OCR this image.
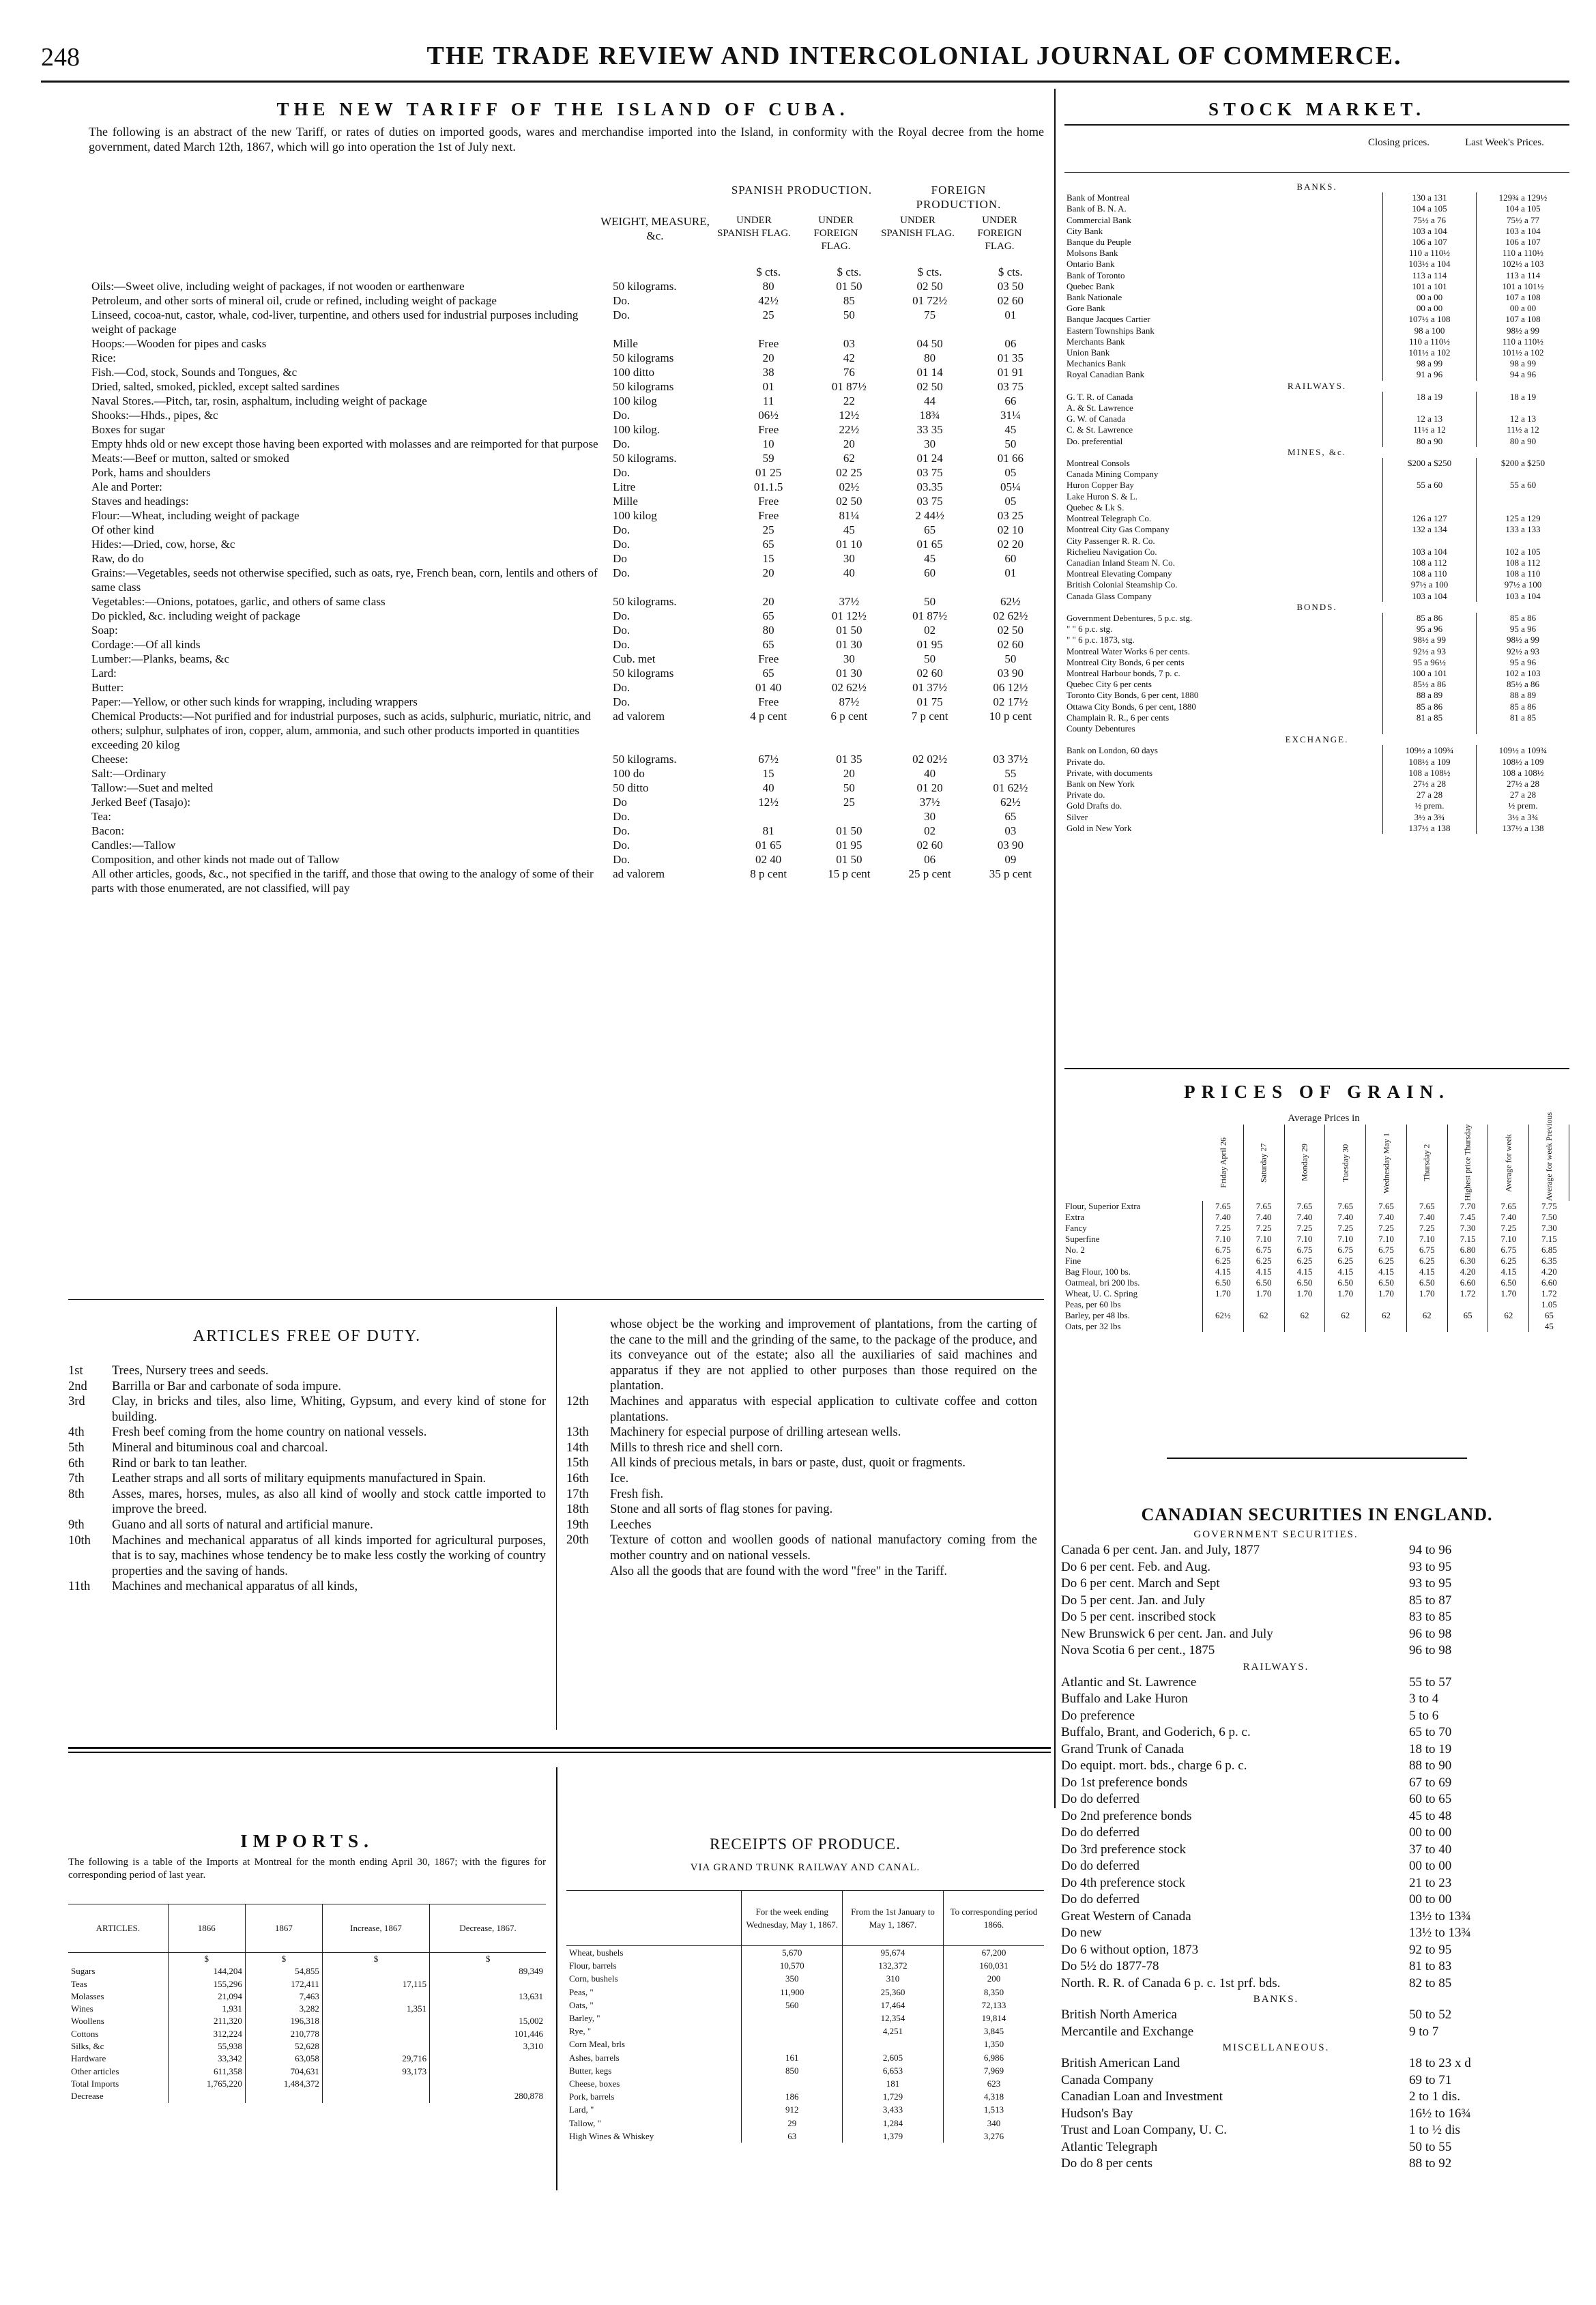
248	THE TRADE REVIEW AND INTERCOLONIAL JOURNAL OF COMMERCE.
THE NEW TARIFF OF THE ISLAND OF CUBA.
The following is an abstract of the new Tariff, or rates of duties on imported goods, wares and merchandise imported into the Island, in conformity with the Royal decree from the home government, dated March 12th, 1867, which will go into operation the 1st of July next.
SPANISH PRODUCTION.	FOREIGN PRODUCTION.
WEIGHT, MEASURE, &c.
UNDER SPANISH FLAG.
UNDER FOREIGN FLAG.
UNDER SPANISH FLAG.
UNDER FOREIGN FLAG.
		$ cts.	$ cts.	$ cts.	$ cts.
Oils:—Sweet olive, including weight of packages, if not wooden or earthenware	50 kilograms.	80	01 50	02 50	03 50
Petroleum, and other sorts of mineral oil, crude or refined, including weight of package	Do.	42½	85	01 72½	02 60
Linseed, cocoa-nut, castor, whale, cod-liver, turpentine, and others used for industrial purposes including weight of package	Do.	25	50	75	01
Hoops:—Wooden for pipes and casks	Mille	Free	03	04 50	06
Rice:	50 kilograms	20	42	80	01 35
Fish.—Cod, stock, Sounds and Tongues, &c	100 ditto	38	76	01 14	01 91
Dried, salted, smoked, pickled, except salted sardines	50 kilograms	01	01 87½	02 50	03 75
Naval Stores.—Pitch, tar, rosin, asphaltum, including weight of package	100 kilog	11	22	44	66
Shooks:—Hhds., pipes, &c	Do.	06½	12½	18¾	31¼
Boxes for sugar	100 kilog.	Free	22½	33 35	45
Empty hhds old or new except those having been exported with molasses and are reimported for that purpose	Do.	10	20	30	50
Meats:—Beef or mutton, salted or smoked	50 kilograms.	59	62	01 24	01 66
Pork, hams and shoulders	Do.	01 25	02 25	03 75	05
Ale and Porter:	Litre	01.1.5	02½	03.35	05¼
Staves and headings:	Mille	Free	02 50	03 75	05
Flour:—Wheat, including weight of package	100 kilog	Free	81¼	2 44½	03 25
Of other kind	Do.	25	45	65	02 10
Hides:—Dried, cow, horse, &c	Do.	65	01 10	01 65	02 20
Raw, do do	Do	15	30	45	60
Grains:—Vegetables, seeds not otherwise specified, such as oats, rye, French bean, corn, lentils and others of same class	Do.	20	40	60	01
Vegetables:—Onions, potatoes, garlic, and others of same class	50 kilograms.	20	37½	50	62½
Do pickled, &c. including weight of package	Do.	65	01 12½	01 87½	02 62½
Soap:	Do.	80	01 50	02	02 50
Cordage:—Of all kinds	Do.	65	01 30	01 95	02 60
Lumber:—Planks, beams, &c	Cub. met	Free	30	50	50
Lard:	50 kilograms	65	01 30	02 60	03 90
Butter:	Do.	01 40	02 62½	01 37½	06 12½
Paper:—Yellow, or other such kinds for wrapping, including wrappers	Do.	Free	87½	01 75	02 17½
Chemical Products:—Not purified and for industrial purposes, such as acids, sulphuric, muriatic, nitric, and others; sulphur, sulphates of iron, copper, alum, ammonia, and such other products imported in quantities exceeding 20 kilog	ad valorem	4 p cent	6 p cent	7 p cent	10 p cent
Cheese:	50 kilograms.	67½	01 35	02 02½	03 37½
Salt:—Ordinary	100 do	15	20	40	55
Tallow:—Suet and melted	50 ditto	40	50	01 20	01 62½
Jerked Beef (Tasajo):	Do	12½	25	37½	62½
Tea:	Do.			30	65
Bacon:	Do.	81	01 50	02	03
Candles:—Tallow	Do.	01 65	01 95	02 60	03 90
Composition, and other kinds not made out of Tallow	Do.	02 40	01 50	06	09
All other articles, goods, &c., not specified in the tariff, and those that owing to the analogy of some of their parts with those enumerated, are not classified, will pay	ad valorem	8 p cent	15 p cent	25 p cent	35 p cent
ARTICLES FREE OF DUTY.
1st	Trees, Nursery trees and seeds.
2nd	Barrilla or Bar and carbonate of soda impure.
3rd	Clay, in bricks and tiles, also lime, Whiting, Gypsum, and every kind of stone for building.
4th	Fresh beef coming from the home country on national vessels.
5th	Mineral and bituminous coal and charcoal.
6th	Rind or bark to tan leather.
7th	Leather straps and all sorts of military equipments manufactured in Spain.
8th	Asses, mares, horses, mules, as also all kind of woolly and stock cattle imported to improve the breed.
9th	Guano and all sorts of natural and artificial manure.
10th	Machines and mechanical apparatus of all kinds imported for agricultural purposes, that is to say, machines whose tendency be to make less costly the working of country properties and the saving of hands.
11th	Machines and mechanical apparatus of all kinds,
whose object be the working and improvement of plantations, from the carting of the cane to the mill and the grinding of the same, to the package of the produce, and its conveyance out of the estate; also all the auxiliaries of said machines and apparatus if they are not applied to other purposes than those required on the plantation.
12th	Machines and apparatus with especial application to cultivate coffee and cotton plantations.
13th	Machinery for especial purpose of drilling artesean wells.
14th	Mills to thresh rice and shell corn.
15th	All kinds of precious metals, in bars or paste, dust, quoit or fragments.
16th	Ice.
17th	Fresh fish.
18th	Stone and all sorts of flag stones for paving.
19th	Leeches
20th	Texture of cotton and woollen goods of national manufactory coming from the mother country and on national vessels.
Also all the goods that are found with the word "free" in the Tariff.
STOCK MARKET.
Closing prices.	Last Week's Prices.
BANKS.		
Bank of Montreal	130 a 131	129¾ a 129½
Bank of B. N. A.	104 a 105	104 a 105
Commercial Bank	75½ a 76	75½ a 77
City Bank	103 a 104	103 a 104
Banque du Peuple	106 a 107	106 a 107
Molsons Bank	110 a 110½	110 a 110½
Ontario Bank	103½ a 104	102½ a 103
Bank of Toronto	113 a 114	113 a 114
Quebec Bank	101 a 101	101 a 101½
Bank Nationale	00 a 00	107 a 108
Gore Bank	00 a 00	00 a 00
Banque Jacques Cartier	107½ a 108	107 a 108
Eastern Townships Bank	98 a 100	98½ a 99
Merchants Bank	110 a 110½	110 a 110½
Union Bank	101½ a 102	101½ a 102
Mechanics Bank	98 a 99	98 a 99
Royal Canadian Bank	91 a 96	94 a 96
RAILWAYS.		
G. T. R. of Canada	18 a 19	18 a 19
A. & St. Lawrence		
G. W. of Canada	12 a 13	12 a 13
C. & St. Lawrence	11½ a 12	11½ a 12
Do. preferential	80 a 90	80 a 90
MINES, &c.		
Montreal Consols	$200 a $250	$200 a $250
Canada Mining Company		
Huron Copper Bay	55 a 60	55 a 60
Lake Huron S. & L.		
Quebec & Lk S.		
Montreal Telegraph Co.	126 a 127	125 a 129
Montreal City Gas Company	132 a 134	133 a 133
City Passenger R. R. Co.		
Richelieu Navigation Co.	103 a 104	102 a 105
Canadian Inland Steam N. Co.	108 a 112	108 a 112
Montreal Elevating Company	108 a 110	108 a 110
British Colonial Steamship Co.	97½ a 100	97½ a 100
Canada Glass Company	103 a 104	103 a 104
BONDS.		
Government Debentures, 5 p.c. stg.	85 a 86	85 a 86
" " 6 p.c. stg.	95 a 96	95 a 96
" " 6 p.c. 1873, stg.	98½ a 99	98½ a 99
Montreal Water Works 6 per cents.	92½ a 93	92½ a 93
Montreal City Bonds, 6 per cents	95 a 96½	95 a 96
Montreal Harbour bonds, 7 p. c.	100 a 101	102 a 103
Quebec City 6 per cents	85½ a 86	85½ a 86
Toronto City Bonds, 6 per cent, 1880	88 a 89	88 a 89
Ottawa City Bonds, 6 per cent, 1880	85 a 86	85 a 86
Champlain R. R., 6 per cents	81 a 85	81 a 85
County Debentures		
EXCHANGE.		
Bank on London, 60 days	109½ a 109¾	109½ a 109¾
Private do.	108½ a 109	108½ a 109
Private, with documents	108 a 108½	108 a 108½
Bank on New York	27½ a 28	27½ a 28
Private do.	27 a 28	27 a 28
Gold Drafts do.	½ prem.	½ prem.
Silver	3½ a 3¾	3½ a 3¾
Gold in New York	137½ a 138	137½ a 138
PRICES OF GRAIN.
Average Prices in
	Friday April 26	Saturday 27	Monday 29	Tuesday 30	Wednesday May 1	Thursday 2	Highest price Thursday	Average for week	Average for week Previous
Flour, Superior Extra	7.65	7.65	7.65	7.65	7.65	7.65	7.70	7.65	7.75
Extra	7.40	7.40	7.40	7.40	7.40	7.40	7.45	7.40	7.50
Fancy	7.25	7.25	7.25	7.25	7.25	7.25	7.30	7.25	7.30
Superfine	7.10	7.10	7.10	7.10	7.10	7.10	7.15	7.10	7.15
No. 2	6.75	6.75	6.75	6.75	6.75	6.75	6.80	6.75	6.85
Fine	6.25	6.25	6.25	6.25	6.25	6.25	6.30	6.25	6.35
Bag Flour, 100 bs.	4.15	4.15	4.15	4.15	4.15	4.15	4.20	4.15	4.20
Oatmeal, bri 200 lbs.	6.50	6.50	6.50	6.50	6.50	6.50	6.60	6.50	6.60
Wheat, U. C. Spring	1.70	1.70	1.70	1.70	1.70	1.70	1.72	1.70	1.72
Peas, per 60 lbs									1.05
Barley, per 48 lbs.	62½	62	62	62	62	62	65	62	65
Oats, per 32 lbs									45
CANADIAN SECURITIES IN ENGLAND.
GOVERNMENT SECURITIES.
Canada 6 per cent. Jan. and July, 1877	94 to 96
Do 6 per cent. Feb. and Aug.	93 to 95
Do 6 per cent. March and Sept	93 to 95
Do 5 per cent. Jan. and July	85 to 87
Do 5 per cent. inscribed stock	83 to 85
New Brunswick 6 per cent. Jan. and July	96 to 98
Nova Scotia 6 per cent., 1875	96 to 98
RAILWAYS.
Atlantic and St. Lawrence	55 to 57
Buffalo and Lake Huron	3 to 4
Do preference	5 to 6
Buffalo, Brant, and Goderich, 6 p. c.	65 to 70
Grand Trunk of Canada	18 to 19
Do equipt. mort. bds., charge 6 p. c.	88 to 90
Do 1st preference bonds	67 to 69
Do do deferred	60 to 65
Do 2nd preference bonds	45 to 48
Do do deferred	00 to 00
Do 3rd preference stock	37 to 40
Do do deferred	00 to 00
Do 4th preference stock	21 to 23
Do do deferred	00 to 00
Great Western of Canada	13½ to 13¾
Do new	13½ to 13¾
Do 6 without option, 1873	92 to 95
Do 5½ do 1877-78	81 to 83
North. R. R. of Canada 6 p. c. 1st prf. bds.	82 to 85
BANKS.
British North America	50 to 52
Mercantile and Exchange	9 to 7
MISCELLANEOUS.
British American Land	18 to 23 x d
Canada Company	69 to 71
Canadian Loan and Investment	2 to 1 dis.
Hudson's Bay	16½ to 16¾
Trust and Loan Company, U. C.	1 to ½ dis
Atlantic Telegraph	50 to 55
Do do 8 per cents	88 to 92
IMPORTS.
The following is a table of the Imports at Montreal for the month ending April 30, 1867; with the figures for corresponding period of last year.
ARTICLES.	1866	1867	Increase, 1867	Decrease, 1867.
	$	$	$	$
Sugars	144,204	54,855		89,349
Teas	155,296	172,411	17,115	
Molasses	21,094	7,463		13,631
Wines	1,931	3,282	1,351	
Woollens	211,320	196,318		15,002
Cottons	312,224	210,778		101,446
Silks, &c	55,938	52,628		3,310
Hardware	33,342	63,058	29,716	
Other articles	611,358	704,631	93,173	
Total Imports	1,765,220	1,484,372		
Decrease				280,878
RECEIPTS OF PRODUCE.
VIA GRAND TRUNK RAILWAY AND CANAL.
	For the week ending Wednesday, May 1, 1867.	From the 1st January to May 1, 1867.	To corresponding period 1866.
Wheat, bushels	5,670	95,674	67,200
Flour, barrels	10,570	132,372	160,031
Corn, bushels	350	310	200
Peas, "	11,900	25,360	8,350
Oats, "	560	17,464	72,133
Barley, "		12,354	19,814
Rye, "		4,251	3,845
Corn Meal, brls			1,350
Ashes, barrels	161	2,605	6,986
Butter, kegs	850	6,653	7,969
Cheese, boxes		181	623
Pork, barrels	186	1,729	4,318
Lard, "	912	3,433	1,513
Tallow, "	29	1,284	340
High Wines & Whiskey	63	1,379	3,276
